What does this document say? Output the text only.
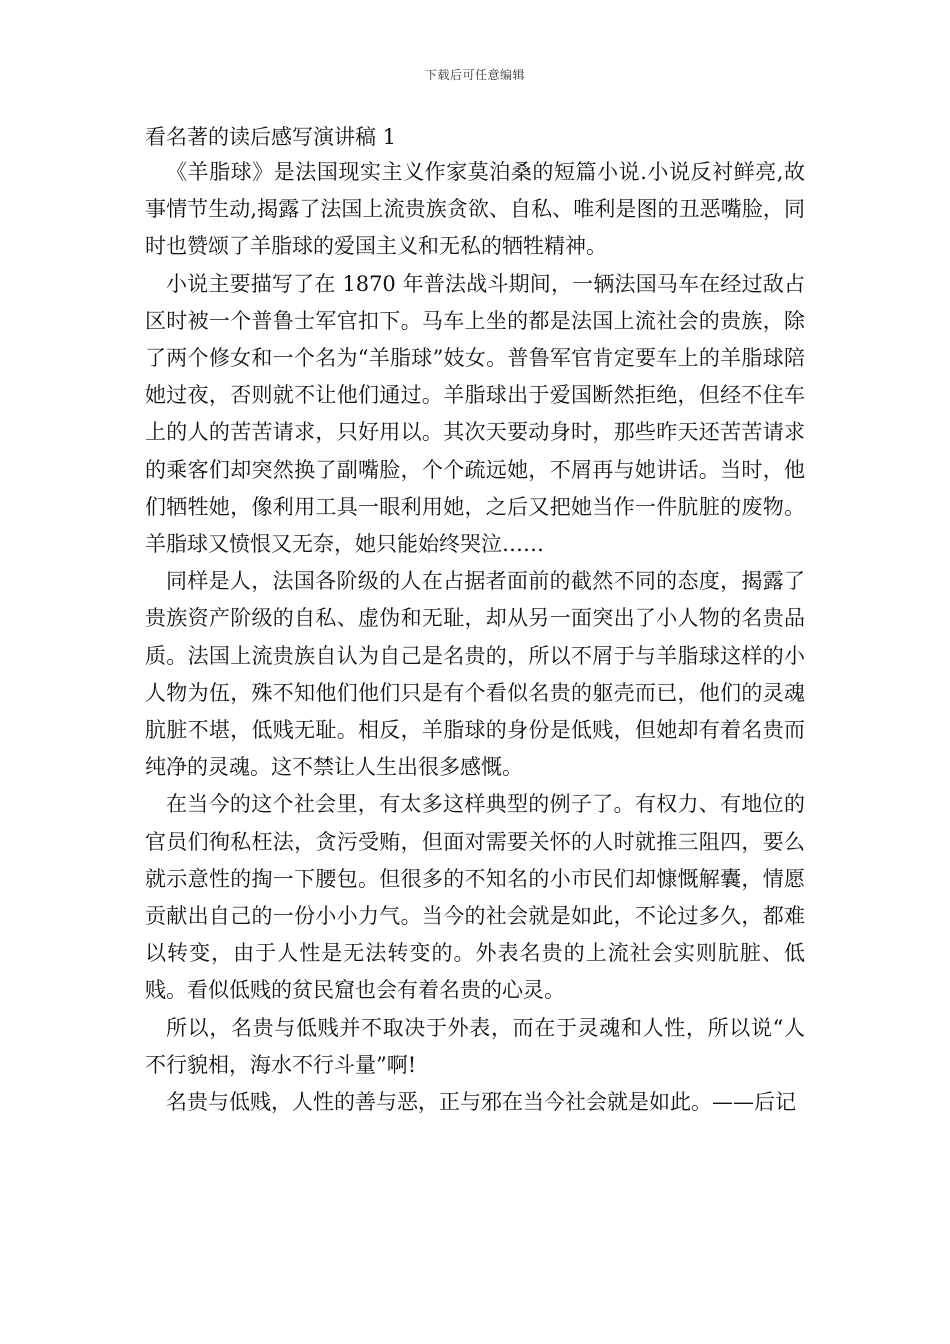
下载后可任意编辑
看名著的读后感写演讲稿 1

《羊脂球》是法国现实主义作家莫泊桑的短篇小说.小说反衬鲜亮,故事情节生动,揭露了法国上流贵族贪欲、自私、唯利是图的丑恶嘴脸，同时也赞颂了羊脂球的爱国主义和无私的牺牲精神。

小说主要描写了在 1870 年普法战斗期间，一辆法国马车在经过敌占区时被一个普鲁士军官扣下。马车上坐的都是法国上流社会的贵族，除了两个修女和一个名为“羊脂球”妓女。普鲁军官肯定要车上的羊脂球陪她过夜，否则就不让他们通过。羊脂球出于爱国断然拒绝，但经不住车上的人的苦苦请求，只好用以。其次天要动身时，那些昨天还苦苦请求的乘客们却突然换了副嘴脸，个个疏远她，不屑再与她讲话。当时，他们牺牲她，像利用工具一眼利用她，之后又把她当作一件肮脏的废物。羊脂球又愤恨又无奈，她只能始终哭泣……

同样是人，法国各阶级的人在占据者面前的截然不同的态度，揭露了贵族资产阶级的自私、虚伪和无耻，却从另一面突出了小人物的名贵品质。法国上流贵族自认为自己是名贵的，所以不屑于与羊脂球这样的小人物为伍，殊不知他们他们只是有个看似名贵的躯壳而已，他们的灵魂肮脏不堪，低贱无耻。相反，羊脂球的身份是低贱，但她却有着名贵而纯净的灵魂。这不禁让人生出很多感慨。

在当今的这个社会里，有太多这样典型的例子了。有权力、有地位的官员们徇私枉法，贪污受贿，但面对需要关怀的人时就推三阻四，要么就示意性的掏一下腰包。但很多的不知名的小市民们却慷慨解囊，情愿贡献出自己的一份小小力气。当今的社会就是如此，不论过多久，都难以转变，由于人性是无法转变的。外表名贵的上流社会实则肮脏、低贱。看似低贱的贫民窟也会有着名贵的心灵。

所以，名贵与低贱并不取决于外表，而在于灵魂和人性，所以说“人不行貌相，海水不行斗量”啊!

名贵与低贱，人性的善与恶，正与邪在当今社会就是如此。——后记
